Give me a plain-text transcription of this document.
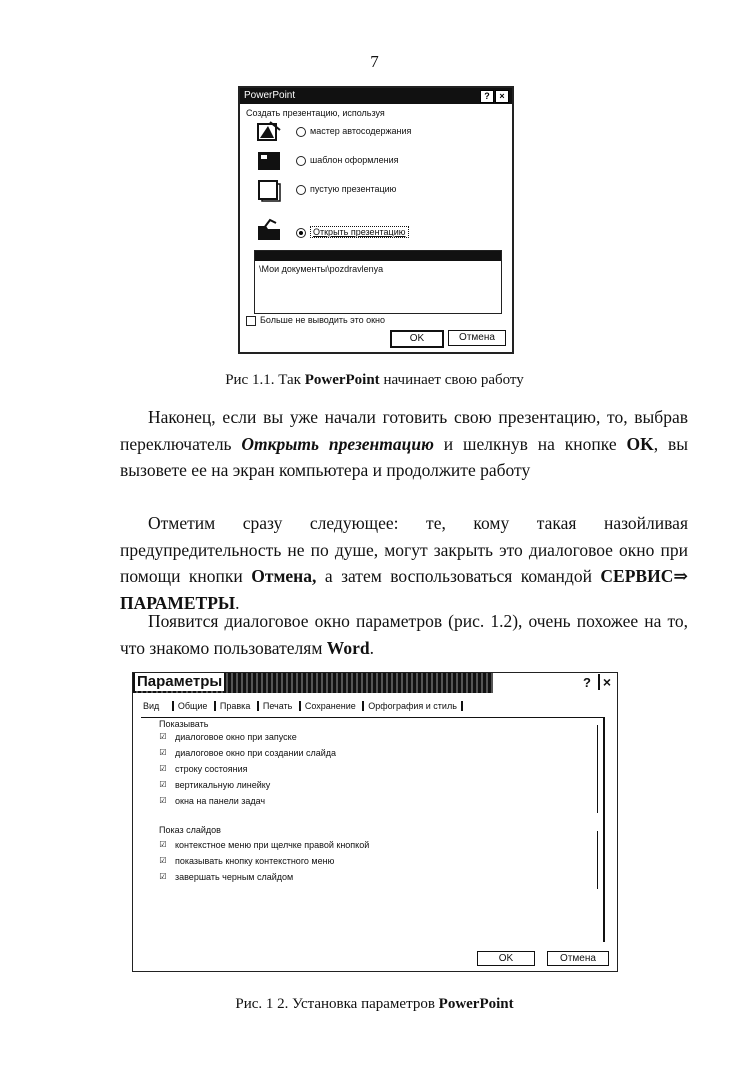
7
PowerPoint	?	×
Создать презентацию, используя
мастер автосодержания
шаблон оформления
пустую презентацию
Открыть презентацию
\Мои документы\pozdravlenya
Больше не выводить это окно
OK	Отмена
Рис 1.1. Так PowerPoint начинает свою работу

Наконец, если вы уже начали готовить свою презентацию, то, выбрав переключатель Открыть презентацию и шелкнув на кнопке OK, вы вызовете ее на экран компьютера и продолжите работу

Отметим сразу следующее: те, кому такая назойливая предупредительность не по душе, могут закрыть это диалоговое окно при помощи кнопки Отмена, а затем воспользоваться командой СЕРВИС⇒ ПАРАМЕТРЫ.

Появится диалоговое окно параметров (рис. 1.2), очень похожее на то, что знакомо пользователям Word.

Параметры	? ×
Вид Общие Правка Печать Сохранение Орфография и стиль
Показывать
Показ слайдов
☑ диалоговое окно при запуске
☑ диалоговое окно при создании слайда
☑ строку состояния
☑ вертикальную линейку
☑ окна на панели задач
☑ контекстное меню при щелчке правой кнопкой
☑ показывать кнопку контекстного меню
☑ завершать черным слайдом
OK	Отмена
Рис. 1 2. Установка параметров PowerPoint
